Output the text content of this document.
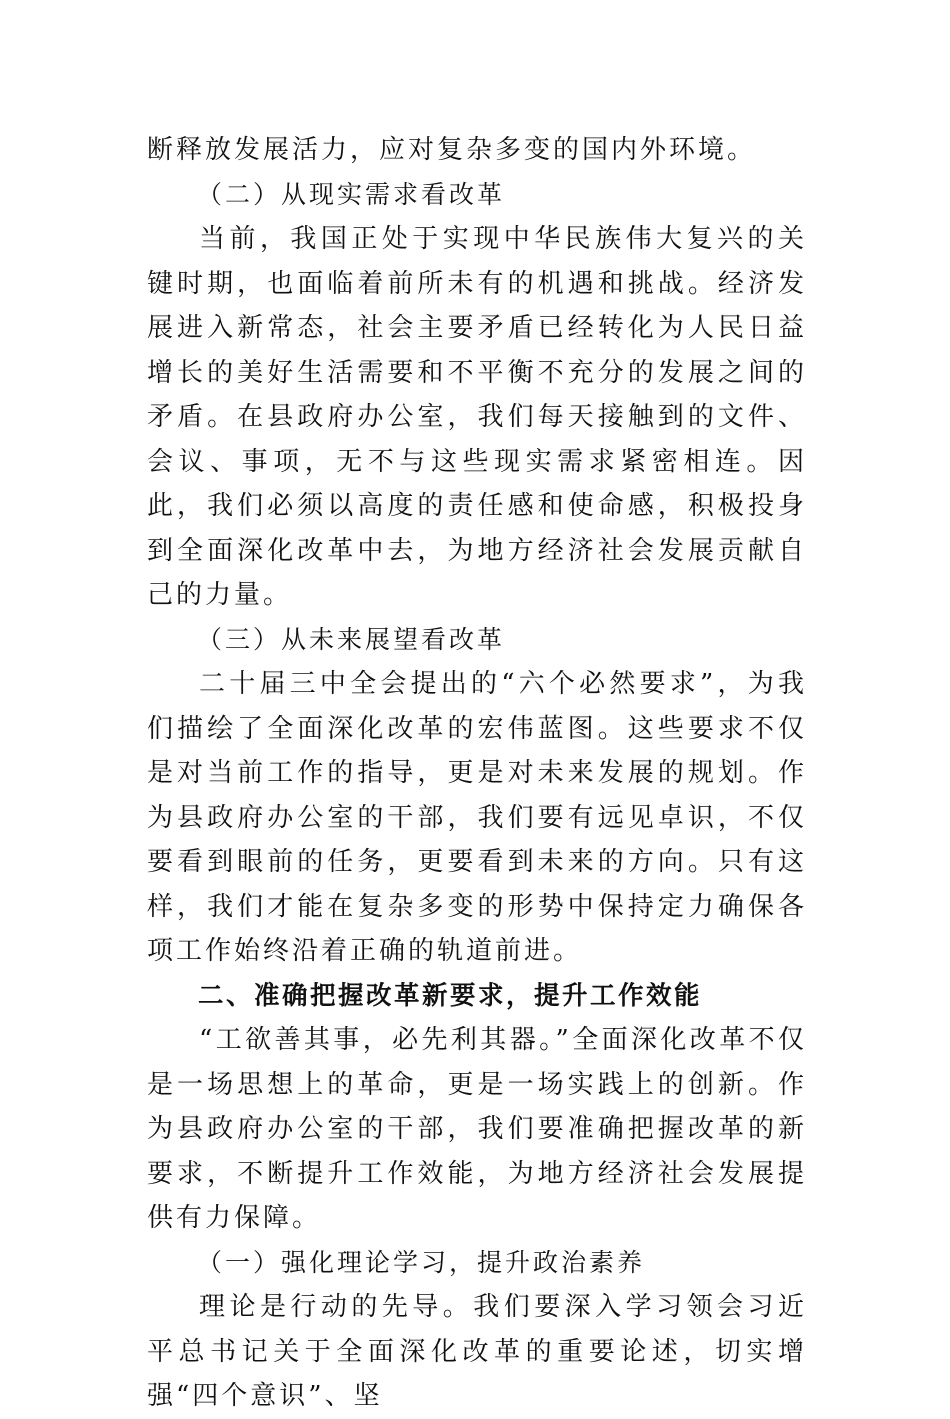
断释放发展活力，应对复杂多变的国内外环境。

（二）从现实需求看改革

当前，我国正处于实现中华民族伟大复兴的关键时期，也面临着前所未有的机遇和挑战。经济发展进入新常态，社会主要矛盾已经转化为人民日益增长的美好生活需要和不平衡不充分的发展之间的矛盾。在县政府办公室，我们每天接触到的文件、会议、事项，无不与这些现实需求紧密相连。因此，我们必须以高度的责任感和使命感，积极投身到全面深化改革中去，为地方经济社会发展贡献自己的力量。

（三）从未来展望看改革

二十届三中全会提出的“六个必然要求”，为我们描绘了全面深化改革的宏伟蓝图。这些要求不仅是对当前工作的指导，更是对未来发展的规划。作为县政府办公室的干部，我们要有远见卓识，不仅要看到眼前的任务，更要看到未来的方向。只有这样，我们才能在复杂多变的形势中保持定力确保各项工作始终沿着正确的轨道前进。

二、准确把握改革新要求，提升工作效能

“工欲善其事，必先利其器。”全面深化改革不仅是一场思想上的革命，更是一场实践上的创新。作为县政府办公室的干部，我们要准确把握改革的新要求，不断提升工作效能，为地方经济社会发展提供有力保障。

（一）强化理论学习，提升政治素养

理论是行动的先导。我们要深入学习领会习近平总书记关于全面深化改革的重要论述，切实增强“四个意识”、坚
